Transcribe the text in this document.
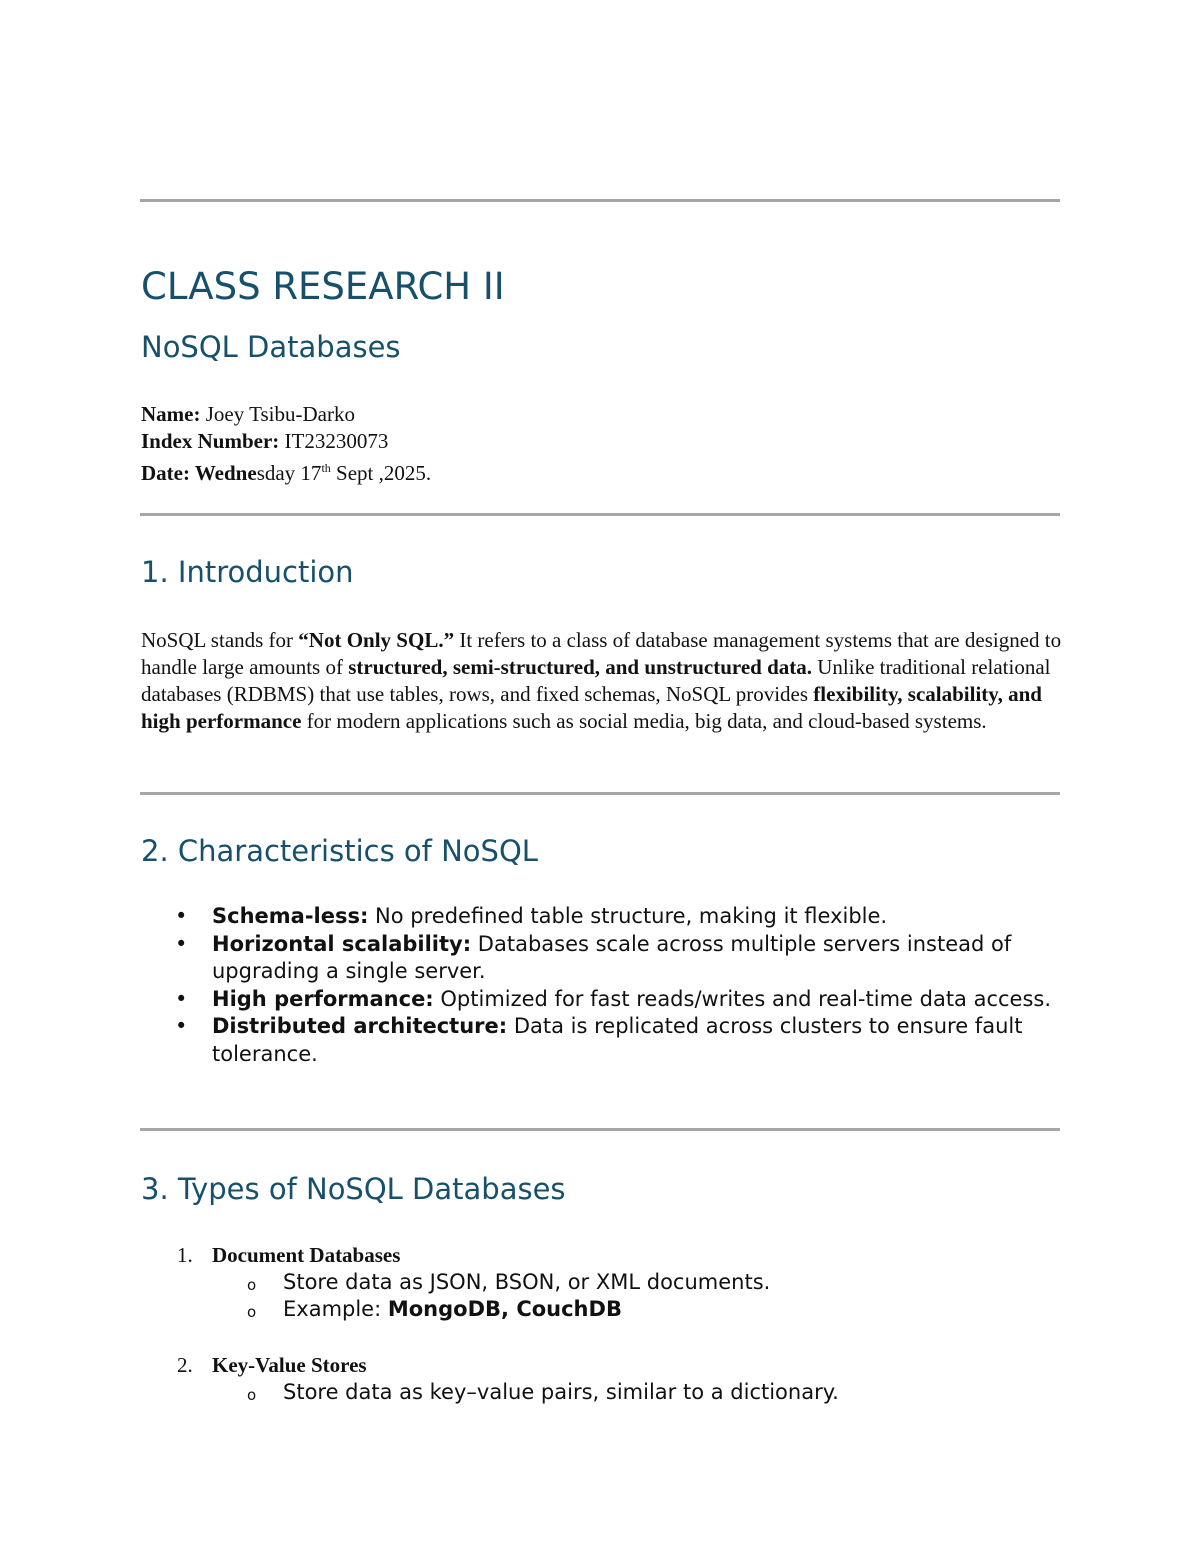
CLASS RESEARCH II
NoSQL Databases
Name: Joey Tsibu-Darko
Index Number: IT23230073
Date: Wednesday 17th Sept ,2025.
1. Introduction

NoSQL stands for “Not Only SQL.” It refers to a class of database management systems that are designed to handle large amounts of structured, semi-structured, and unstructured data. Unlike traditional relational databases (RDBMS) that use tables, rows, and fixed schemas, NoSQL provides flexibility, scalability, and high performance for modern applications such as social media, big data, and cloud-based systems.

2. Characteristics of NoSQL
• Schema-less: No predefined table structure, making it flexible.
• Horizontal scalability: Databases scale across multiple servers instead of upgrading a single server.
• High performance: Optimized for fast reads/writes and real-time data access.
• Distributed architecture: Data is replicated across clusters to ensure fault tolerance.
3. Types of NoSQL Databases
1. Document Databases
o Store data as JSON, BSON, or XML documents.
o Example: MongoDB, CouchDB
2. Key-Value Stores
o Store data as key–value pairs, similar to a dictionary.
